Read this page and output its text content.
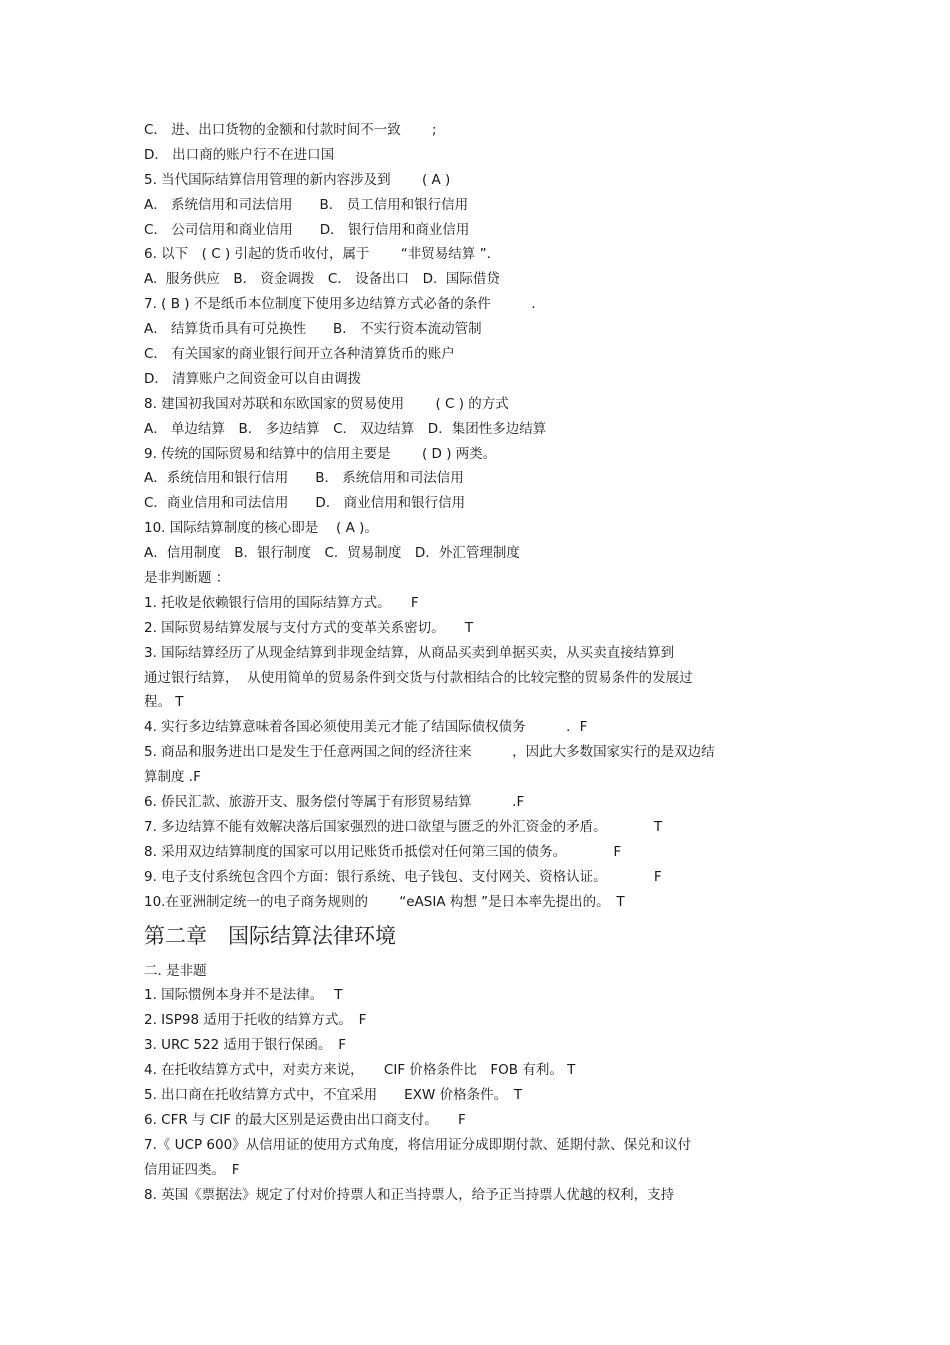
C． 进、出口货物的金额和付款时间不一致　　 ;
D． 出口商的账户行不在进口国
5. 当代国际结算信用管理的新内容涉及到　　 ( A )
A． 系统信用和司法信用　　B． 员工信用和银行信用
C． 公司信用和商业信用　　D． 银行信用和商业信用
6. 以下　( C ) 引起的货币收付，属于　　 “非贸易结算 ”．
A.  服务供应　B． 资金调拨　C． 设备出口　D.  国际借贷
7. ( B ) 不是纸币本位制度下使用多边结算方式必备的条件　　　．
A． 结算货币具有可兑换性　　B． 不实行资本流动管制
C． 有关国家的商业银行间开立各种清算货币的账户
D． 清算账户之间资金可以自由调拨
8. 建国初我国对苏联和东欧国家的贸易使用　　 ( C ) 的方式
A． 单边结算　B． 多边结算　C． 双边结算　D．集团性多边结算
9. 传统的国际贸易和结算中的信用主要是　　 ( D ) 两类。
A．系统信用和银行信用　　B． 系统信用和司法信用
C．商业信用和司法信用　　D． 商业信用和银行信用
10. 国际结算制度的核心即是　 ( A )。
A．信用制度　B．银行制度　C．贸易制度　D．外汇管理制度
是非判断题 ：
1. 托收是依赖银行信用的国际结算方式。　　F
2. 国际贸易结算发展与支付方式的变革关系密切。　　T
3. 国际结算经历了从现金结算到非现金结算，从商品买卖到单据买卖，从买卖直接结算到
通过银行结算，  从使用简单的贸易条件到交货与付款相结合的比较完整的贸易条件的发展过
程。 T
4. 实行多边结算意味着各国必须使用美元才能了结国际债权债务　　　．F
5. 商品和服务进出口是发生于任意两国之间的经济往来　　　，因此大多数国家实行的是双边结
算制度 .F
6. 侨民汇款、旅游开支、服务偿付等属于有形贸易结算　　　.F
7. 多边结算不能有效解决落后国家强烈的进口欲望与匮乏的外汇资金的矛盾。　　　　T
8. 采用双边结算制度的国家可以用记账货币抵偿对任何第三国的债务。　　　　F
9. 电子支付系统包含四个方面：银行系统、电子钱包、支付网关、资格认证。　　　　F
10.在亚洲制定统一的电子商务规则的　　 “eASIA 构想 ”是日本率先提出的。　T
第二章　国际结算法律环境
二. 是非题
1. 国际惯例本身并不是法律。　 T
2. ISP98 适用于托收的结算方式。　F
3. URC 522 适用于银行保函。　F
4. 在托收结算方式中，对卖方来说，　　CIF 价格条件比　FOB 有利。 T
5. 出口商在托收结算方式中，不宜采用　　EXW 价格条件。　T
6. CFR 与 CIF 的最大区别是运费由出口商支付。　　F
7.《 UCP 600》从信用证的使用方式角度，将信用证分成即期付款、延期付款、保兑和议付
信用证四类。　F
8. 英国《票据法》规定了付对价持票人和正当持票人，给予正当持票人优越的权利，支持
